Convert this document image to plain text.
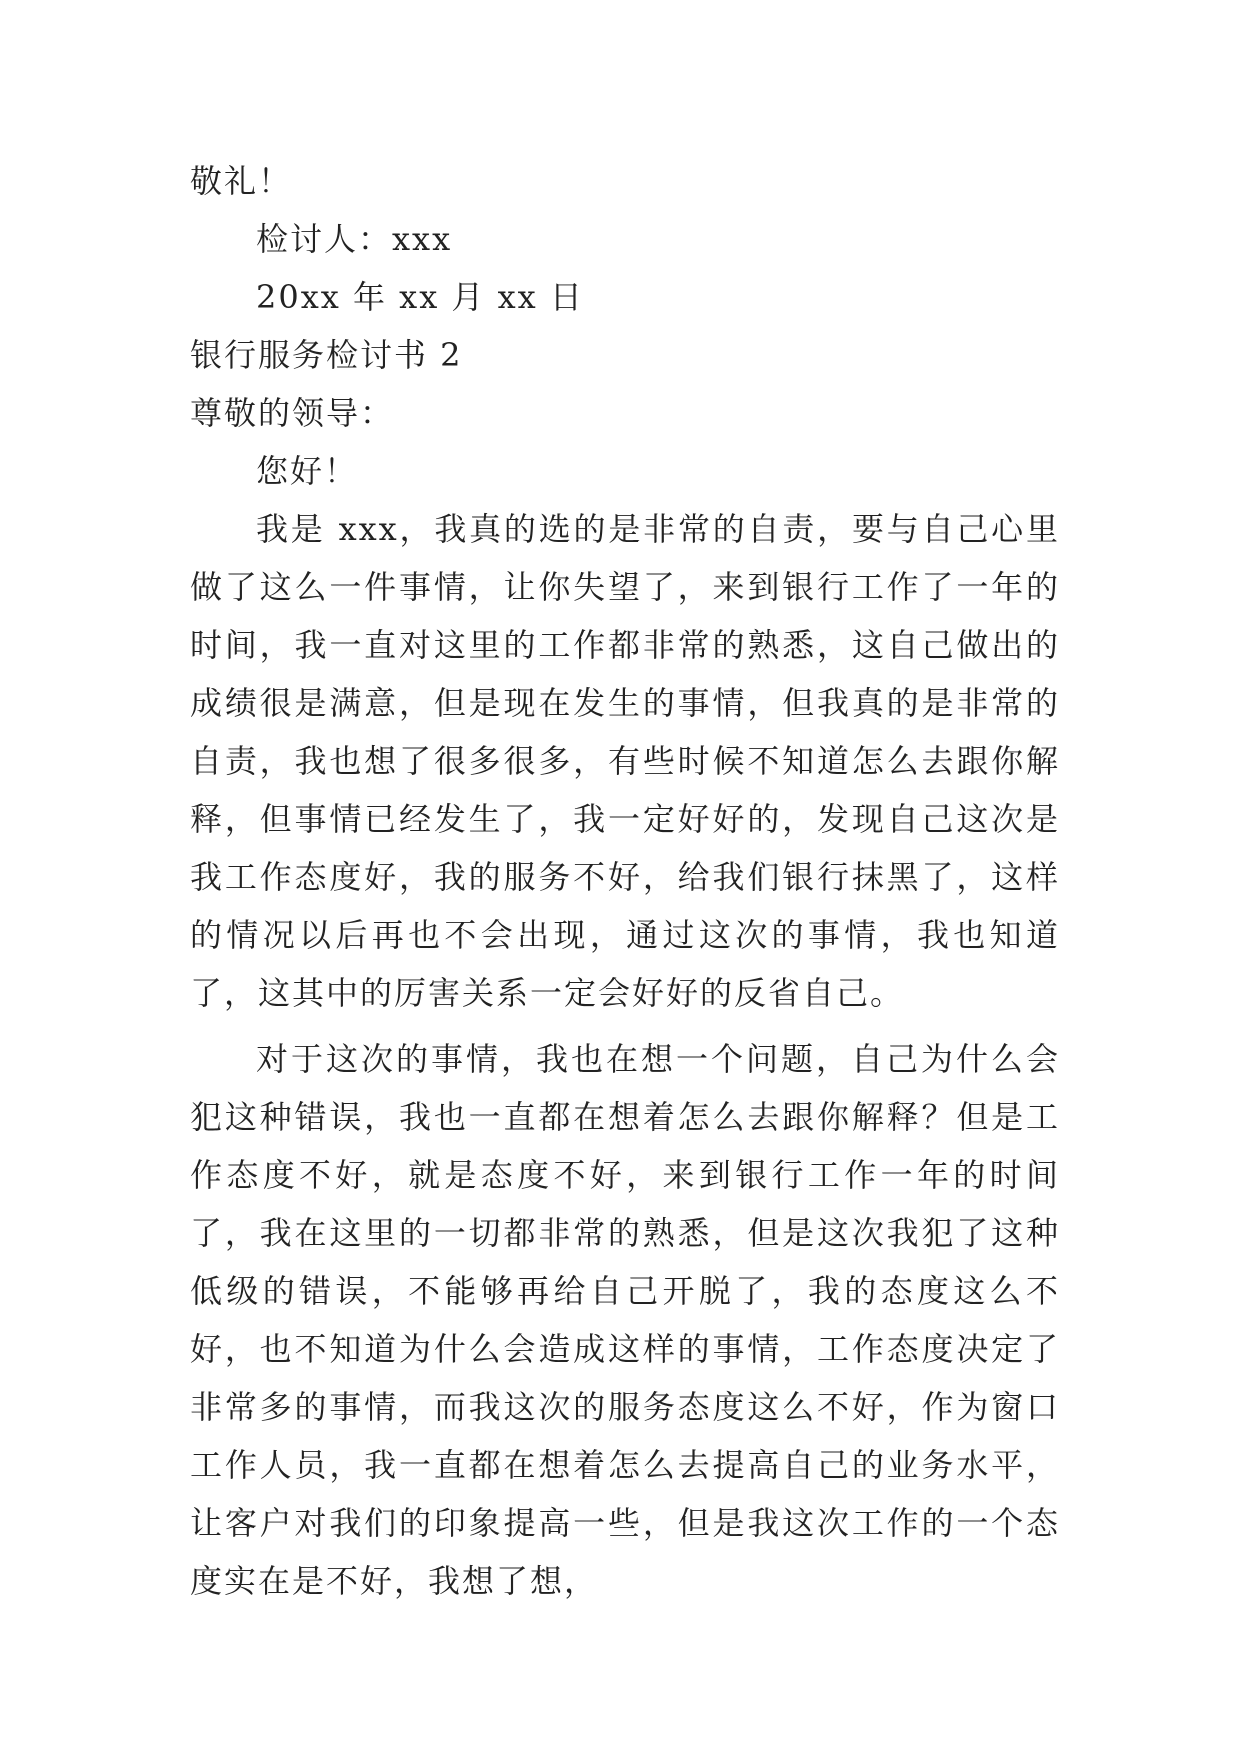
敬礼！

检讨人：xxx

20xx 年 xx 月 xx 日

银行服务检讨书 2

尊敬的领导：

您好！

我是 xxx，我真的选的是非常的自责，要与自己心里做了这么一件事情，让你失望了，来到银行工作了一年的时间，我一直对这里的工作都非常的熟悉，这自己做出的成绩很是满意，但是现在发生的事情，但我真的是非常的自责，我也想了很多很多，有些时候不知道怎么去跟你解释，但事情已经发生了，我一定好好的，发现自己这次是我工作态度好，我的服务不好，给我们银行抹黑了，这样的情况以后再也不会出现，通过这次的事情，我也知道了，这其中的厉害关系一定会好好的反省自己。

对于这次的事情，我也在想一个问题，自己为什么会犯这种错误，我也一直都在想着怎么去跟你解释？但是工作态度不好，就是态度不好，来到银行工作一年的时间了，我在这里的一切都非常的熟悉，但是这次我犯了这种低级的错误，不能够再给自己开脱了，我的态度这么不好，也不知道为什么会造成这样的事情，工作态度决定了非常多的事情，而我这次的服务态度这么不好，作为窗口工作人员，我一直都在想着怎么去提高自己的业务水平，让客户对我们的印象提高一些，但是我这次工作的一个态度实在是不好，我想了想，
